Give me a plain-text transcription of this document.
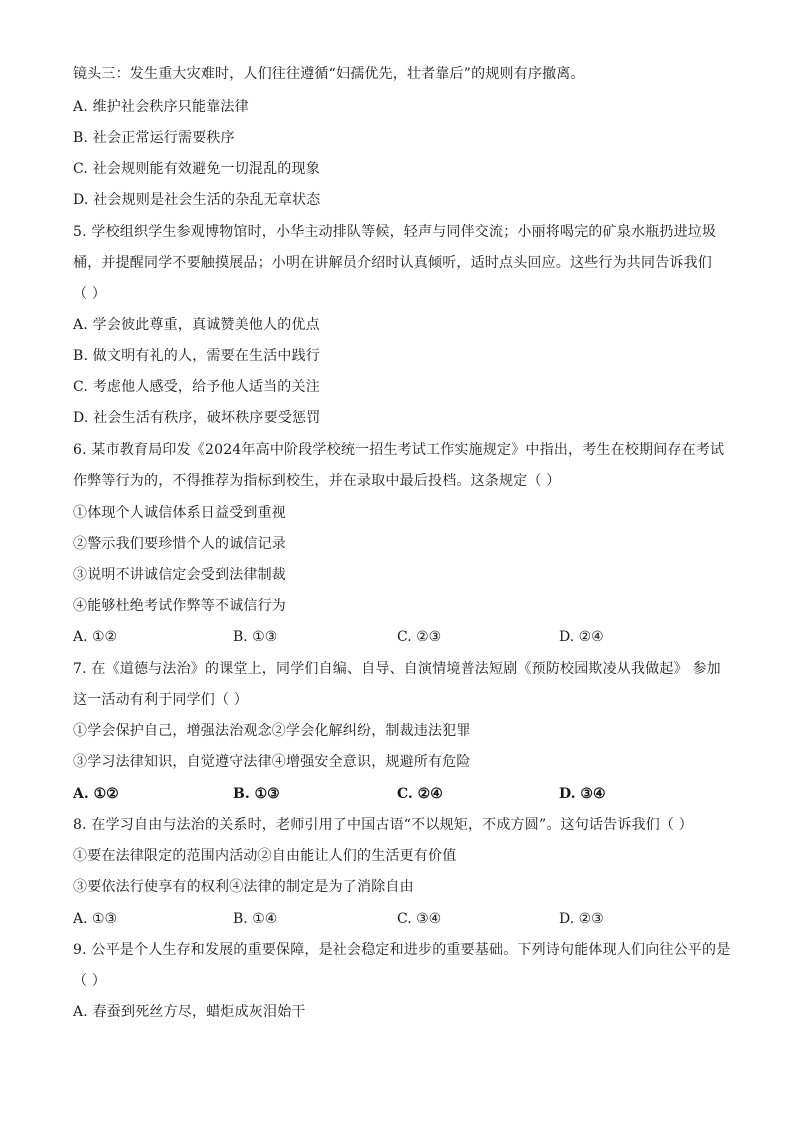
镜头三：发生重大灾难时，人们往往遵循“妇孺优先，壮者靠后”的规则有序撤离。
A. 维护社会秩序只能靠法律
B. 社会正常运行需要秩序
C. 社会规则能有效避免一切混乱的现象
D. 社会规则是社会生活的杂乱无章状态
5. 学校组织学生参观博物馆时，小华主动排队等候，轻声与同伴交流；小丽将喝完的矿泉水瓶扔进垃圾
桶，并提醒同学不要触摸展品；小明在讲解员介绍时认真倾听，适时点头回应。这些行为共同告诉我们
（ ）
A. 学会彼此尊重，真诚赞美他人的优点
B. 做文明有礼的人，需要在生活中践行
C. 考虑他人感受，给予他人适当的关注
D. 社会生活有秩序，破坏秩序要受惩罚
6. 某市教育局印发《2024年高中阶段学校统一招生考试工作实施规定》中指出，考生在校期间存在考试
作弊等行为的，不得推荐为指标到校生，并在录取中最后投档。这条规定（ ）
①体现个人诚信体系日益受到重视
②警示我们要珍惜个人的诚信记录
③说明不讲诚信定会受到法律制裁
④能够杜绝考试作弊等不诚信行为
A. ①②	B. ①③	C. ②③	D. ②④
7. 在《道德与法治》的课堂上，同学们自编、自导、自演情境普法短剧《预防校园欺凌从我做起》 参加
这一活动有利于同学们（ ）
①学会保护自己，增强法治观念②学会化解纠纷，制裁违法犯罪
③学习法律知识，自觉遵守法律④增强安全意识，规避所有危险
A. ①②	B. ①③	C. ②④	D. ③④
8. 在学习自由与法治的关系时，老师引用了中国古语“不以规矩，不成方圆”。这句话告诉我们（ ）
①要在法律限定的范围内活动②自由能让人们的生活更有价值
③要依法行使享有的权利④法律的制定是为了消除自由
A. ①③	B. ①④	C. ③④	D. ②③
9. 公平是个人生存和发展的重要保障，是社会稳定和进步的重要基础。下列诗句能体现人们向往公平的是
（ ）
A. 春蚕到死丝方尽，蜡炬成灰泪始干
